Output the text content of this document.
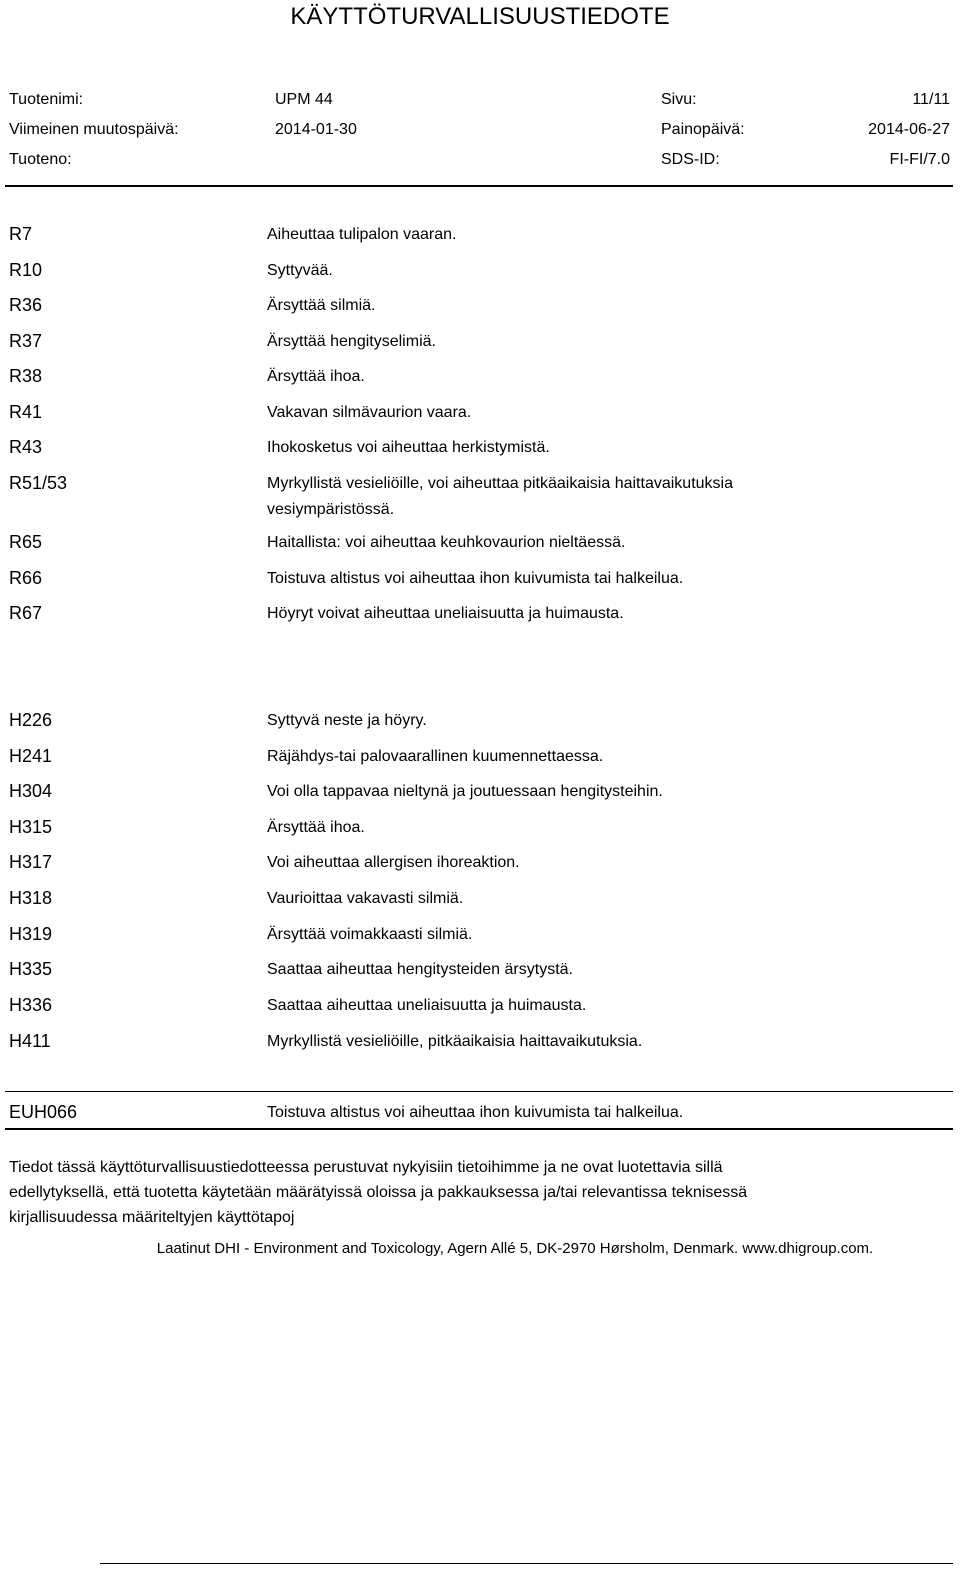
KÄYTTÖTURVALLISUUSTIEDOTE
Tuotenimi:	UPM 44	Sivu:	11/11
Viimeinen muutospäivä:	2014-01-30	Painopäivä:	2014-06-27
Tuoteno:	SDS-ID:	FI-FI/7.0
R7	Aiheuttaa tulipalon vaaran.
R10	Syttyvää.
R36	Ärsyttää silmiä.
R37	Ärsyttää hengityselimiä.
R38	Ärsyttää ihoa.
R41	Vakavan silmävaurion vaara.
R43	Ihokosketus voi aiheuttaa herkistymistä.
R51/53	Myrkyllistä vesieliöille, voi aiheuttaa pitkäaikaisia haittavaikutuksia
vesiympäristössä.
R65	Haitallista: voi aiheuttaa keuhkovaurion nieltäessä.
R66	Toistuva altistus voi aiheuttaa ihon kuivumista tai halkeilua.
R67	Höyryt voivat aiheuttaa uneliaisuutta ja huimausta.
H226	Syttyvä neste ja höyry.
H241	Räjähdys-tai palovaarallinen kuumennettaessa.
H304	Voi olla tappavaa nieltynä ja joutuessaan hengitysteihin.
H315	Ärsyttää ihoa.
H317	Voi aiheuttaa allergisen ihoreaktion.
H318	Vaurioittaa vakavasti silmiä.
H319	Ärsyttää voimakkaasti silmiä.
H335	Saattaa aiheuttaa hengitysteiden ärsytystä.
H336	Saattaa aiheuttaa uneliaisuutta ja huimausta.
H411	Myrkyllistä vesieliöille, pitkäaikaisia haittavaikutuksia.
EUH066	Toistuva altistus voi aiheuttaa ihon kuivumista tai halkeilua.
Tiedot tässä käyttöturvallisuustiedotteessa perustuvat nykyisiin tietoihimme ja ne ovat luotettavia sillä
edellytyksellä, että tuotetta käytetään määrätyissä oloissa ja pakkauksessa ja/tai relevantissa teknisessä
kirjallisuudessa määriteltyjen käyttötapoj
Laatinut DHI - Environment and Toxicology, Agern Allé 5, DK-2970 Hørsholm, Denmark. www.dhigroup.com.
